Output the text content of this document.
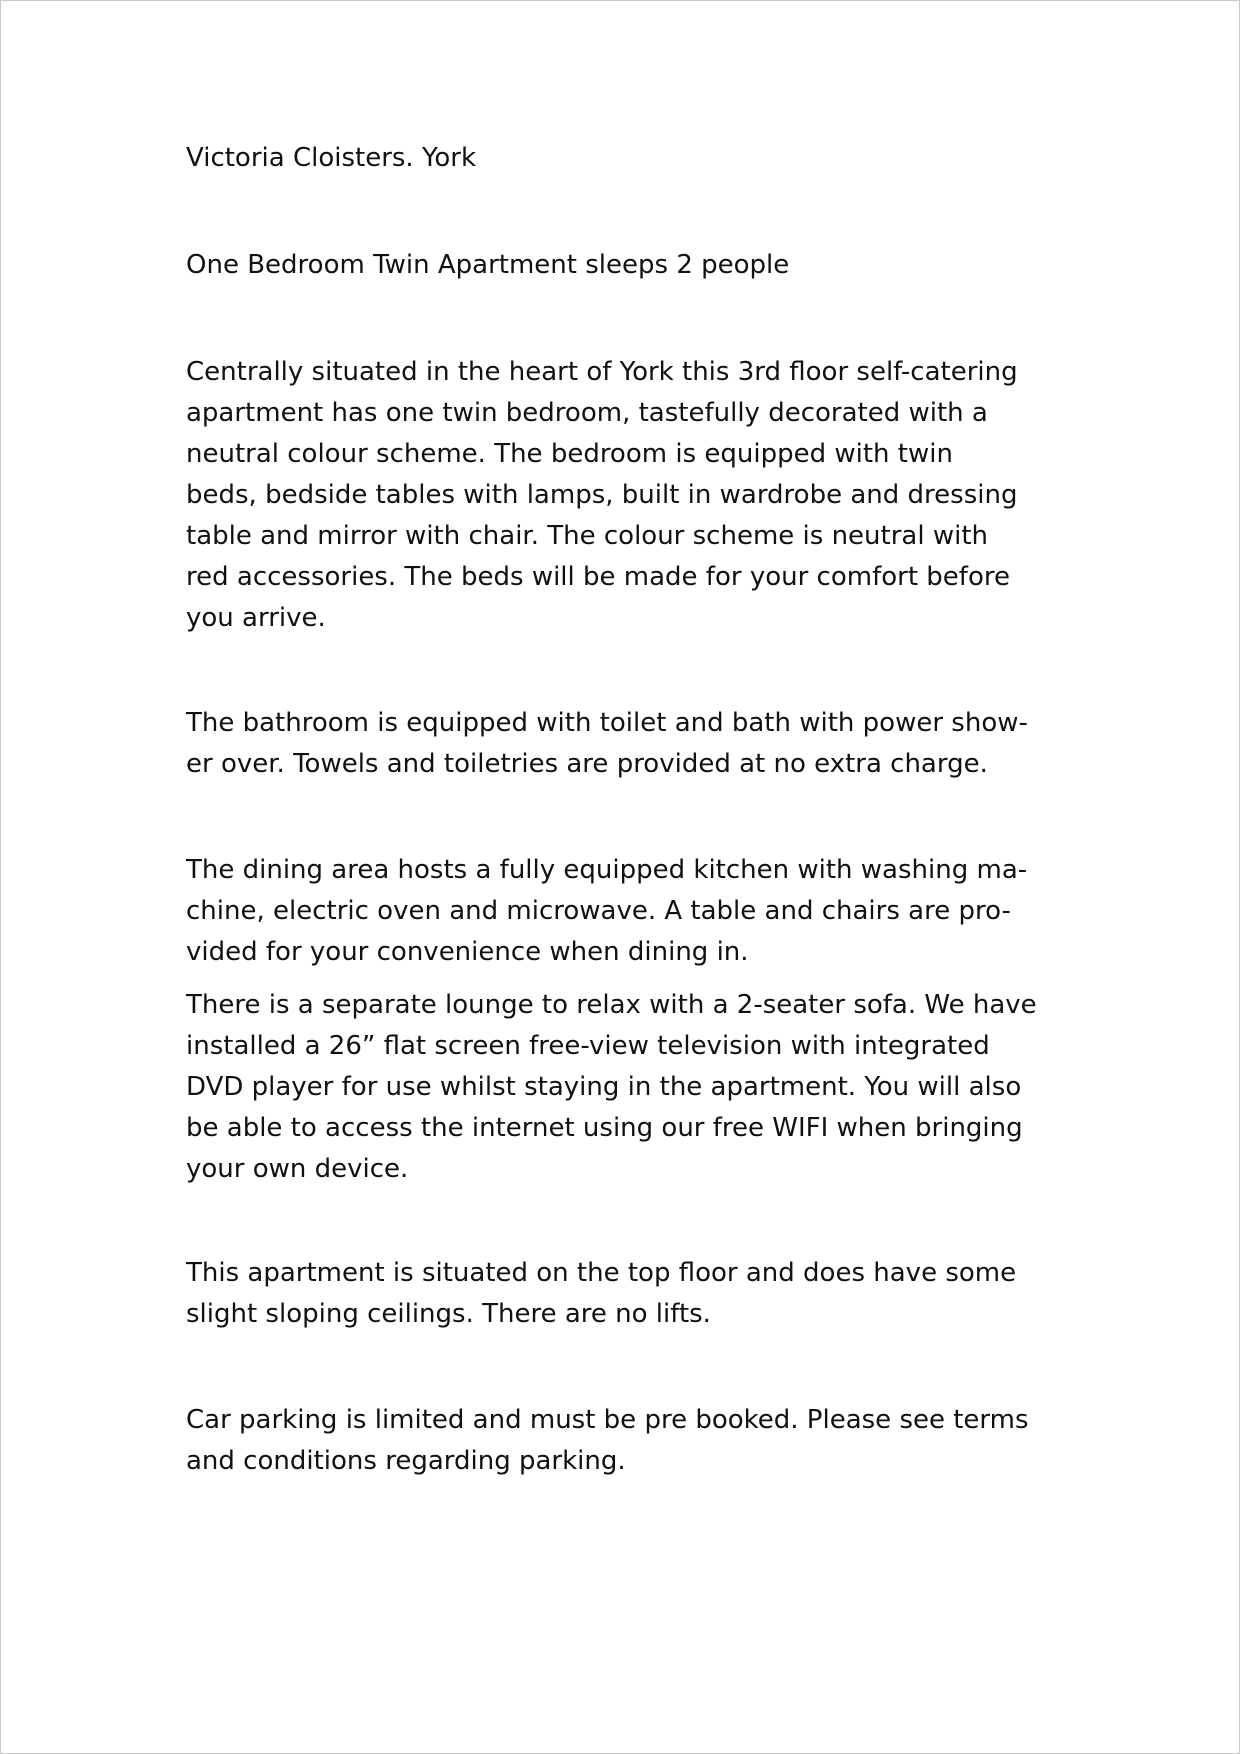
Victoria Cloisters. York
One Bedroom Twin Apartment sleeps 2 people
Centrally situated in the heart of York this 3rd floor self-catering
apartment has one twin bedroom, tastefully decorated with a
neutral colour scheme. The bedroom is equipped with twin
beds, bedside tables with lamps, built in wardrobe and dressing
table and mirror with chair. The colour scheme is neutral with
red accessories. The beds will be made for your comfort before
you arrive.
The bathroom is equipped with toilet and bath with power show-
er over. Towels and toiletries are provided at no extra charge.
The dining area hosts a fully equipped kitchen with washing ma-
chine, electric oven and microwave. A table and chairs are pro-
vided for your convenience when dining in.
There is a separate lounge to relax with a 2-seater sofa. We have
installed a 26” flat screen free-view television with integrated
DVD player for use whilst staying in the apartment. You will also
be able to access the internet using our free WIFI when bringing
your own device.
This apartment is situated on the top floor and does have some
slight sloping ceilings. There are no lifts.
Car parking is limited and must be pre booked. Please see terms
and conditions regarding parking.
